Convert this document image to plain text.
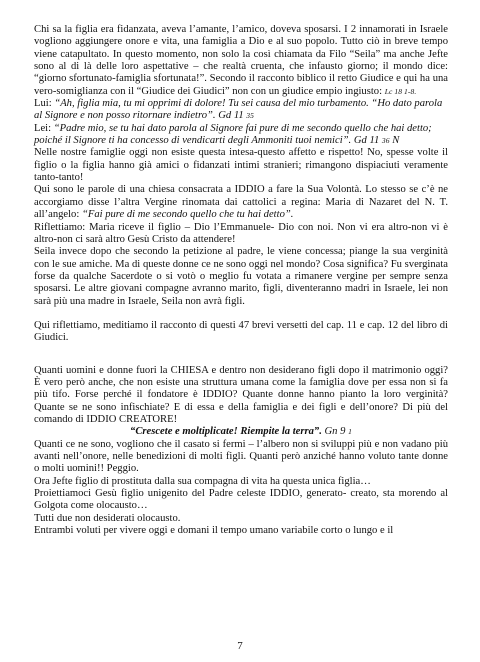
Chi sa la figlia era fidanzata, aveva l’amante, l’amico, doveva sposarsi. I 2 innamorati in Israele vogliono aggiungere onore e vita, una famiglia a Dio e al suo popolo. Tutto ciò in breve tempo viene catapultato. In questo momento, non solo la così chiamata da Filo “Seila” ma anche Jefte sono al di là delle loro aspettative – che realtà cruenta, che infausto giorno; il mondo dice: “giorno sfortunato-famiglia sfortunata!”. Secondo il racconto biblico il retto Giudice e qui ha una vero-somiglianza con il “Giudice dei Giudici” non con un giudice empio ingiusto: Lc 18 1-8.

Lui: “Ah, figlia mia, tu mi opprimi di dolore! Tu sei causa del mio turbamento. “Ho dato parola al Signore e non posso ritornare indietro”. Gd 11 35

Lei: “Padre mio, se tu hai dato parola al Signore fai pure di me secondo quello che hai detto; poiché il Signore ti ha concesso di vendicarti degli Ammoniti tuoi nemici”. Gd 11 36 N

Nelle nostre famiglie oggi non esiste questa intesa-questo affetto e rispetto! No, spesse volte il figlio o la figlia hanno già amici o fidanzati intimi stranieri; rimangono dispiaciuti veramente tanto-tanto!

Qui sono le parole di una chiesa consacrata a IDDIO a fare la Sua Volontà. Lo stesso se c’è ne accorgiamo disse l’altra Vergine rinomata dai cattolici a regina: Maria di Nazaret del N. T. all’angelo: “Fai pure di me secondo quello che tu hai detto”.

Riflettiamo: Maria riceve il figlio – Dio l’Emmanuele- Dio con noi. Non vi era altro-non vi è altro-non ci sarà altro Gesù Cristo da attendere!

Seila invece dopo che secondo la petizione al padre, le viene concessa; piange la sua verginità con le sue amiche. Ma di queste donne ce ne sono oggi nel mondo? Cosa significa? Fu sverginata forse da qualche Sacerdote o si votò o meglio fu votata a rimanere vergine per sempre senza sposarsi. Le altre giovani compagne avranno marito, figli, diventeranno madri in Israele, lei non sarà più una madre in Israele, Seila non avrà figli.

Qui riflettiamo, meditiamo il racconto di questi 47 brevi versetti del cap. 11 e cap. 12 del libro di Giudici.

Quanti uomini e donne fuori la CHIESA e dentro non desiderano figli dopo il matrimonio oggi? È vero però anche, che non esiste una struttura umana come la famiglia dove per essa non si fa più tifo. Forse perché il fondatore è IDDIO? Quante donne hanno pianto la loro verginità? Quante se ne sono infischiate? E di essa e della famiglia e dei figli e dell’onore? Di più del comando di IDDIO CREATORE!

“Crescete e moltiplicate! Riempite la terra”. Gn 9 1

Quanti ce ne sono, vogliono che il casato si fermi – l’albero non si sviluppi più e non vadano più avanti nell’onore, nelle benedizioni di molti figli. Quanti però anziché hanno voluto tante donne o molti uomini!! Peggio.

Ora Jefte figlio di prostituta dalla sua compagna di vita ha questa unica figlia…

Proiettiamoci Gesù figlio unigenito del Padre celeste IDDIO, generato- creato, sta morendo al Golgota come olocausto…

Tutti due non desiderati olocausto.

Entrambi voluti per vivere oggi e domani il tempo umano variabile corto o lungo e il

7
